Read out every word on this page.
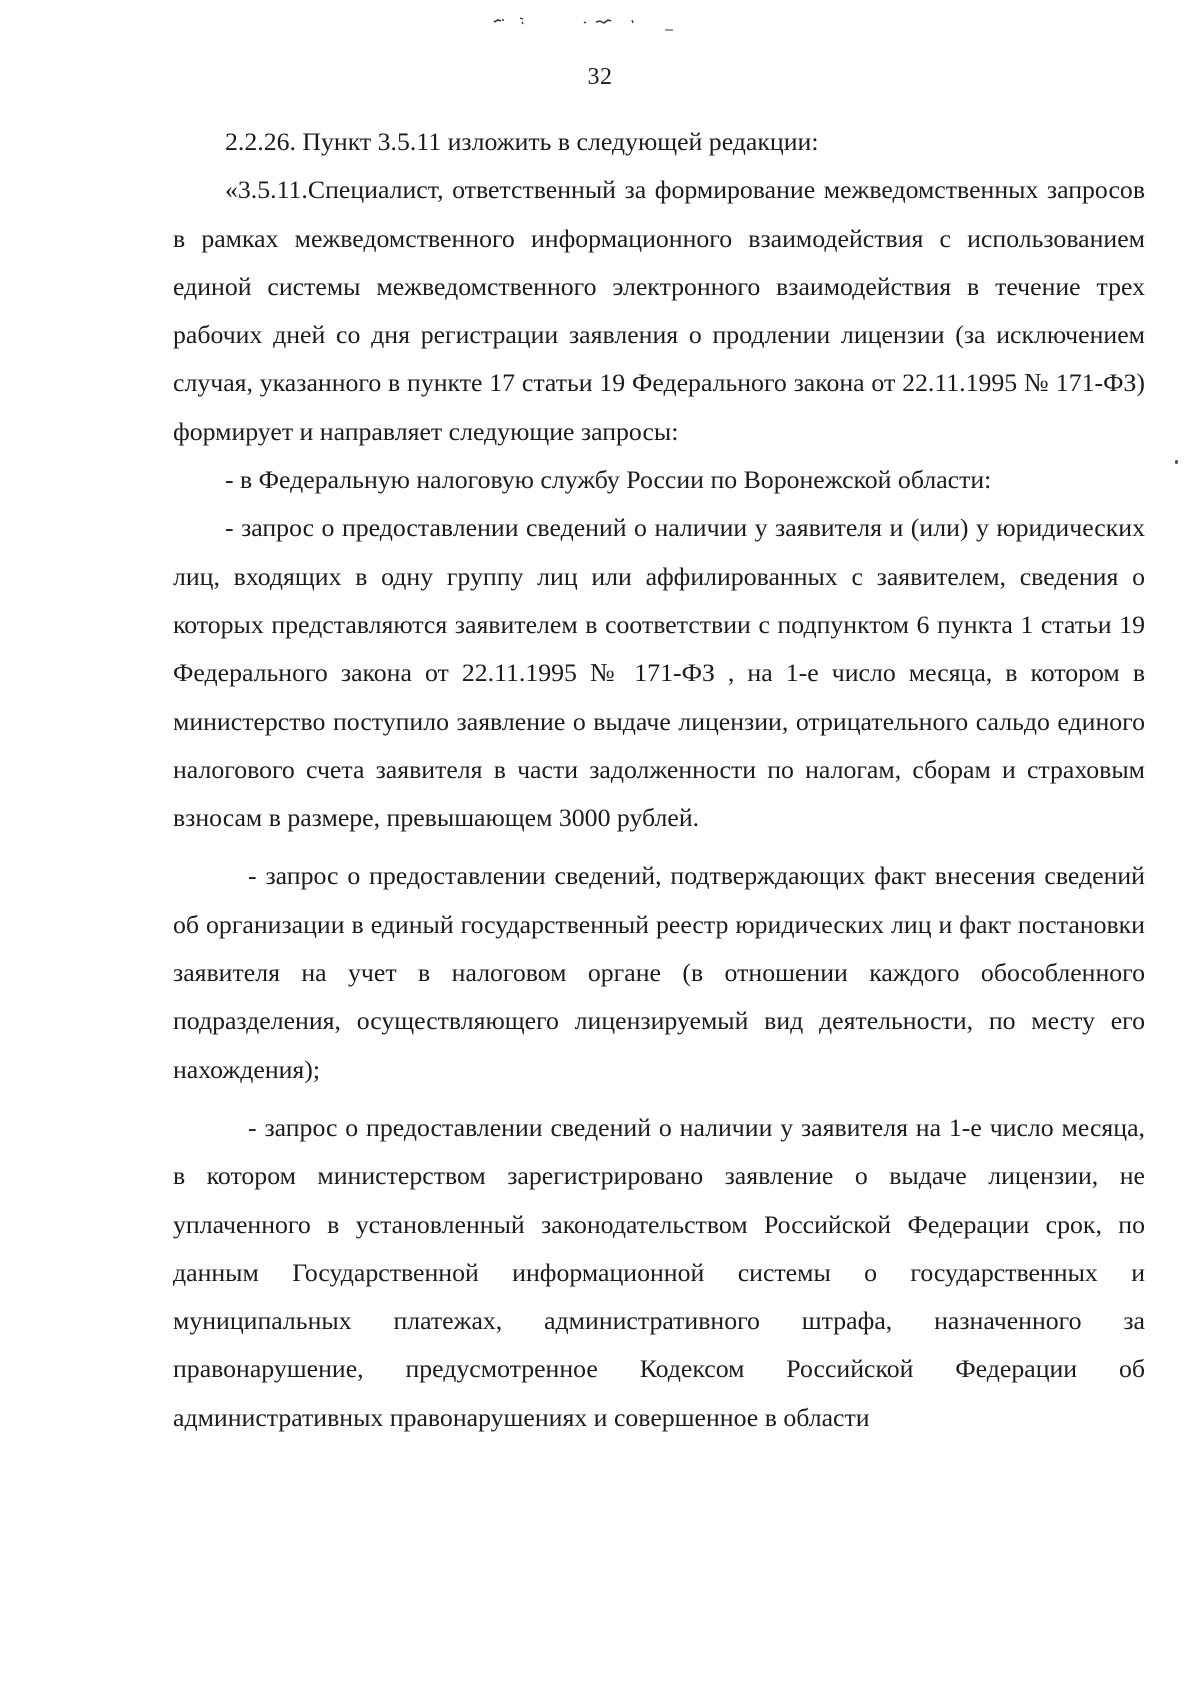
32

2.2.26. Пункт 3.5.11 изложить в следующей редакции:

«3.5.11.Специалист, ответственный за формирование межведомственных запросов в рамках межведомственного информационного взаимодействия с использованием единой системы межведомственного электронного взаимодействия в течение трех рабочих дней со дня регистрации заявления о продлении лицензии (за исключением случая, указанного в пункте 17 статьи 19 Федерального закона от 22.11.1995 № 171-ФЗ) формирует и направляет следующие запросы:

- в Федеральную налоговую службу России по Воронежской области:

- запрос о предоставлении сведений о наличии у заявителя и (или) у юридических лиц, входящих в одну группу лиц или аффилированных с заявителем, сведения о которых представляются заявителем в соответствии с подпунктом 6 пункта 1 статьи 19 Федерального закона от 22.11.1995 № 171-ФЗ , на 1-е число месяца, в котором в министерство поступило заявление о выдаче лицензии, отрицательного сальдо единого налогового счета заявителя в части задолженности по налогам, сборам и страховым взносам в размере, превышающем 3000 рублей.

- запрос о предоставлении сведений, подтверждающих факт внесения сведений об организации в единый государственный реестр юридических лиц и факт постановки заявителя на учет в налоговом органе (в отношении каждого обособленного подразделения, осуществляющего лицензируемый вид деятельности, по месту его нахождения);

- запрос о предоставлении сведений о наличии у заявителя на 1-е число месяца, в котором министерством зарегистрировано заявление о выдаче лицензии, не уплаченного в установленный законодательством Российской Федерации срок, по данным Государственной информационной системы о государственных и муниципальных платежах, административного штрафа, назначенного за правонарушение, предусмотренное Кодексом Российской Федерации об административных правонарушениях и совершенное в области
